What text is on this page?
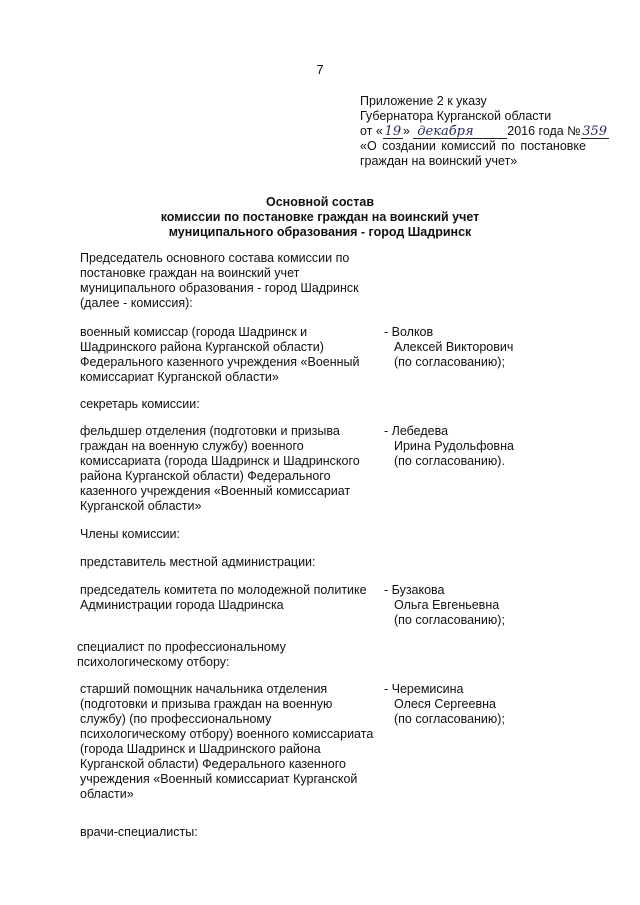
7
Приложение 2 к указу
Губернатора Курганской области
от « 19 » декабря	2016 года № 359
«О создании комиссий по постановке
граждан на воинский учет»
Основной состав
комиссии по постановке граждан на воинский учет
муниципального образования - город Шадринск
Председатель основного состава комиссии по
постановке граждан на воинский учет
муниципального образования - город Шадринск
(далее - комиссия):
военный комиссар (города Шадринск и
Шадринского района Курганской области)
Федерального казенного учреждения «Военный
комиссариат Курганской области»
- Волков
Алексей Викторович
(по согласованию);
секретарь комиссии:
фельдшер отделения (подготовки и призыва
граждан на военную службу) военного
комиссариата (города Шадринск и Шадринского
района Курганской области) Федерального
казенного учреждения «Военный комиссариат
Курганской области»
- Лебедева
Ирина Рудольфовна
(по согласованию).
Члены комиссии:
представитель местной администрации:
председатель комитета по молодежной политике
Администрации города Шадринска
- Бузакова
Ольга Евгеньевна
(по согласованию);
специалист по профессиональному
психологическому отбору:
старший помощник начальника отделения
(подготовки и призыва граждан на военную
службу) (по профессиональному
психологическому отбору) военного комиссариата
(города Шадринск и Шадринского района
Курганской области) Федерального казенного
учреждения «Военный комиссариат Курганской
области»
- Черемисина
Олеся Сергеевна
(по согласованию);
врачи-специалисты:
